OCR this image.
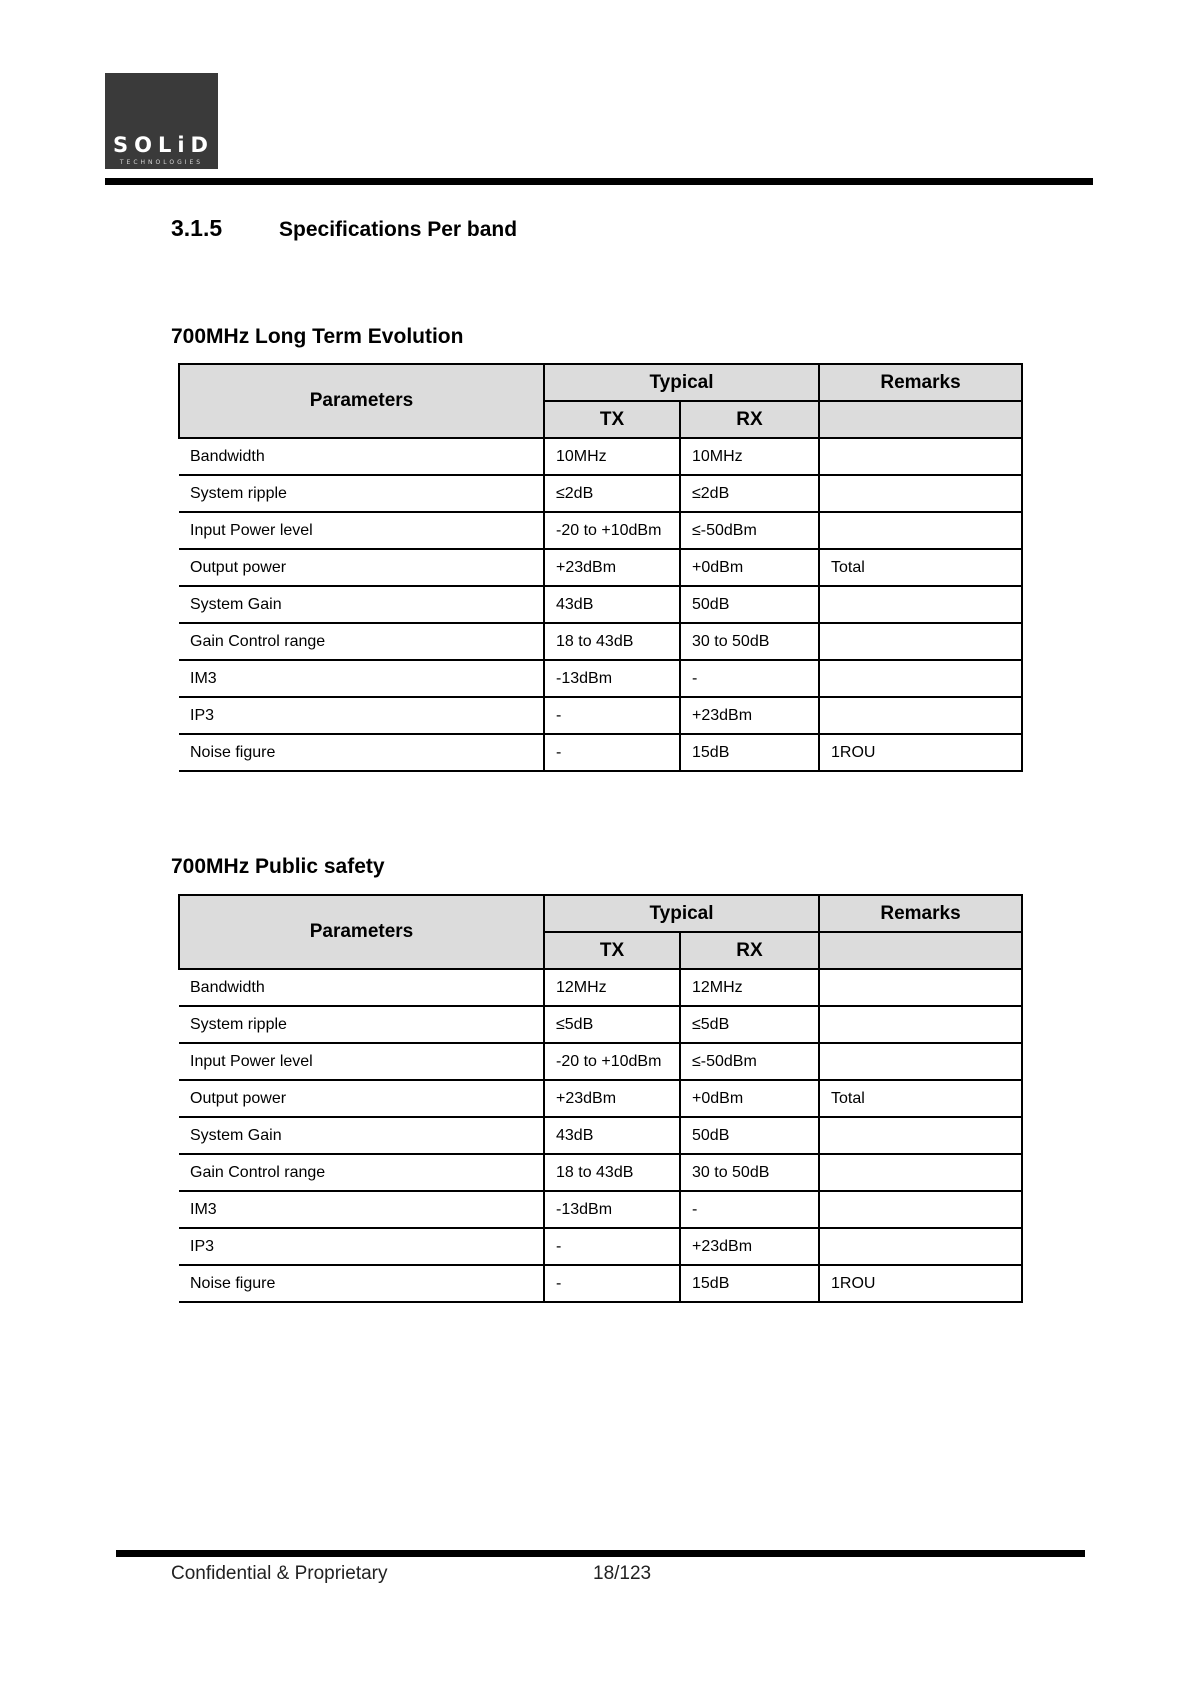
SOLiD
TECHNOLOGIES
3.1.5	Specifications Per band
700MHz Long Term Evolution
Parameters	Typical		Remarks
	TX	RX	
Bandwidth	10MHz	10MHz	
System ripple	≤2dB	≤2dB	
Input Power level	-20 to +10dBm	≤-50dBm	
Output power	+23dBm	+0dBm	Total
System Gain	43dB	50dB	
Gain Control range	18 to 43dB	30 to 50dB	
IM3	-13dBm	-	
IP3	-	+23dBm	
Noise figure	-	15dB	1ROU
700MHz Public safety
Parameters	Typical		Remarks
	TX	RX	
Bandwidth	12MHz	12MHz	
System ripple	≤5dB	≤5dB	
Input Power level	-20 to +10dBm	≤-50dBm	
Output power	+23dBm	+0dBm	Total
System Gain	43dB	50dB	
Gain Control range	18 to 43dB	30 to 50dB	
IM3	-13dBm	-	
IP3	-	+23dBm	
Noise figure	-	15dB	1ROU
Confidential & Proprietary	18/123
